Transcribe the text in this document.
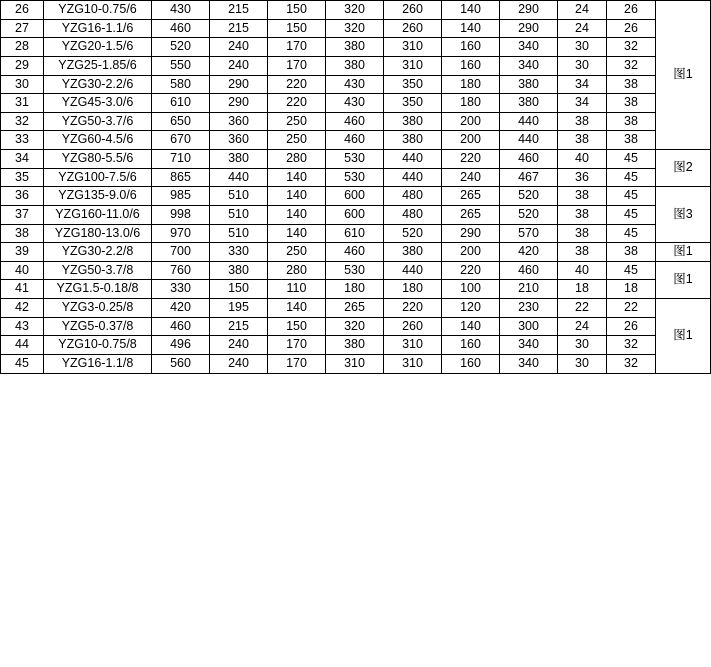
26	YZG10-0.75/6	430	215	150	320	260	140	290	24	26	图1
27	YZG16-1.1/6	460	215	150	320	260	140	290	24	26	
28	YZG20-1.5/6	520	240	170	380	310	160	340	30	32	
29	YZG25-1.85/6	550	240	170	380	310	160	340	30	32	
30	YZG30-2.2/6	580	290	220	430	350	180	380	34	38	
31	YZG45-3.0/6	610	290	220	430	350	180	380	34	38	
32	YZG50-3.7/6	650	360	250	460	380	200	440	38	38	
33	YZG60-4.5/6	670	360	250	460	380	200	440	38	38	
34	YZG80-5.5/6	710	380	280	530	440	220	460	40	45	图2
35	YZG100-7.5/6	865	440	140	530	440	240	467	36	45	
36	YZG135-9.0/6	985	510	140	600	480	265	520	38	45	图3
37	YZG160-11.0/6	998	510	140	600	480	265	520	38	45	
38	YZG180-13.0/6	970	510	140	610	520	290	570	38	45	
39	YZG30-2.2/8	700	330	250	460	380	200	420	38	38	图1
40	YZG50-3.7/8	760	380	280	530	440	220	460	40	45	图1
41	YZG1.5-0.18/8	330	150	110	180	180	100	210	18	18	
42	YZG3-0.25/8	420	195	140	265	220	120	230	22	22	图1
43	YZG5-0.37/8	460	215	150	320	260	140	300	24	26	
44	YZG10-0.75/8	496	240	170	380	310	160	340	30	32	
45	YZG16-1.1/8	560	240	170	310	310	160	340	30	32	
